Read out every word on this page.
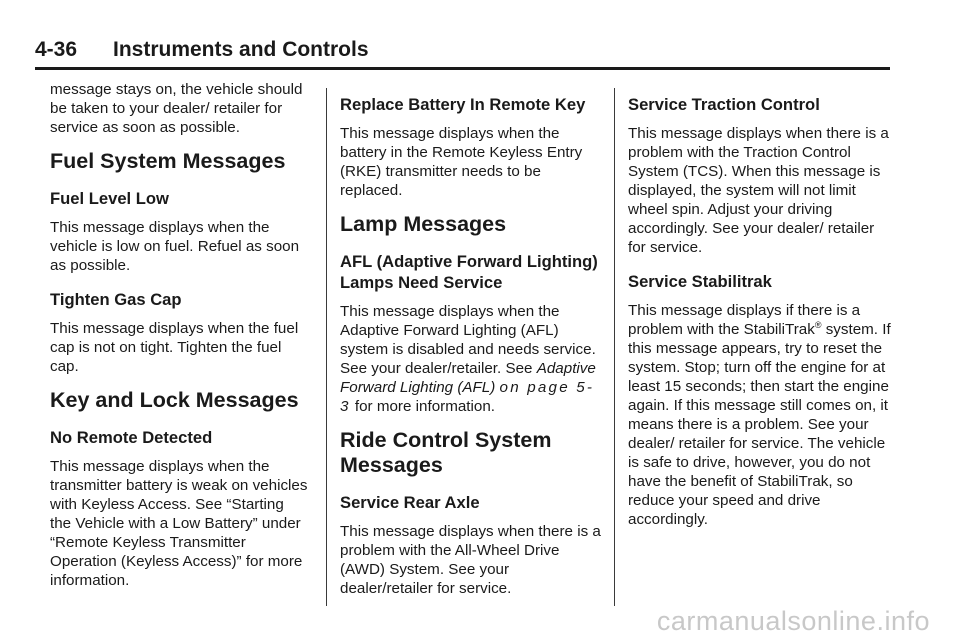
4-36 Instruments and Controls

message stays on, the vehicle should be taken to your dealer/ retailer for service as soon as possible.

Fuel System Messages
Fuel Level Low

This message displays when the vehicle is low on fuel. Refuel as soon as possible.

Tighten Gas Cap

This message displays when the fuel cap is not on tight. Tighten the fuel cap.

Key and Lock Messages
No Remote Detected

This message displays when the transmitter battery is weak on vehicles with Keyless Access. See “Starting the Vehicle with a Low Battery” under “Remote Keyless Transmitter Operation (Keyless Access)” for more information.

Replace Battery In Remote Key

This message displays when the battery in the Remote Keyless Entry (RKE) transmitter needs to be replaced.

Lamp Messages
AFL (Adaptive Forward Lighting) Lamps Need Service

This message displays when the Adaptive Forward Lighting (AFL) system is disabled and needs service. See your dealer/retailer. See Adaptive Forward Lighting (AFL) on page 5-3 for more information.

Ride Control System Messages
Service Rear Axle

This message displays when there is a problem with the All-Wheel Drive (AWD) System. See your dealer/retailer for service.

Service Traction Control

This message displays when there is a problem with the Traction Control System (TCS). When this message is displayed, the system will not limit wheel spin. Adjust your driving accordingly. See your dealer/ retailer for service.

Service Stabilitrak

This message displays if there is a problem with the StabiliTrak® system. If this message appears, try to reset the system. Stop; turn off the engine for at least 15 seconds; then start the engine again. If this message still comes on, it means there is a problem. See your dealer/ retailer for service. The vehicle is safe to drive, however, you do not have the benefit of StabiliTrak, so reduce your speed and drive accordingly.

carmanualsonline.info
